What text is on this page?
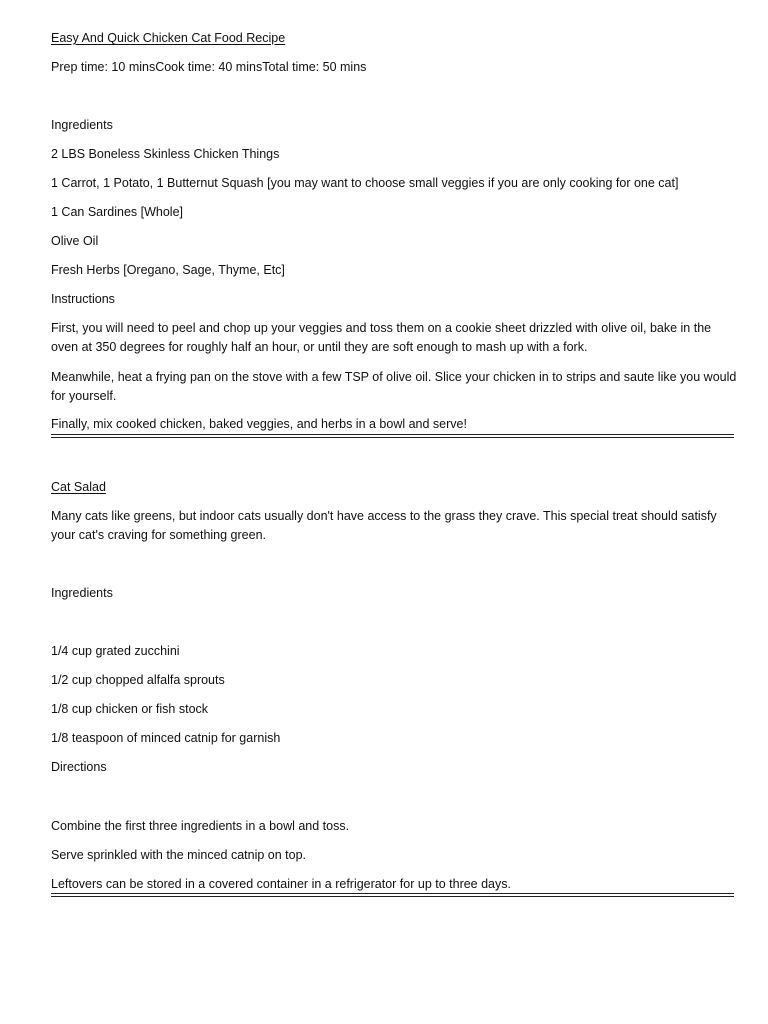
Easy And Quick Chicken Cat Food Recipe
Prep time: 10 minsCook time: 40 minsTotal time: 50 mins
Ingredients
2 LBS Boneless Skinless Chicken Things
1 Carrot, 1 Potato, 1 Butternut Squash [you may want to choose small veggies if you are only cooking for one cat]
1 Can Sardines [Whole]
Olive Oil
Fresh Herbs [Oregano, Sage, Thyme, Etc]
Instructions
First, you will need to peel and chop up your veggies and toss them on a cookie sheet drizzled with olive oil, bake in the oven at 350 degrees for roughly half an hour, or until they are soft enough to mash up with a fork.
Meanwhile, heat a frying pan on the stove with a few TSP of olive oil. Slice your chicken in to strips and saute like you would for yourself.
Finally, mix cooked chicken, baked veggies, and herbs in a bowl and serve!
Cat Salad
Many cats like greens, but indoor cats usually don't have access to the grass they crave. This special treat should satisfy your cat's craving for something green.
Ingredients
1/4 cup grated zucchini
1/2 cup chopped alfalfa sprouts
1/8 cup chicken or fish stock
1/8 teaspoon of minced catnip for garnish
Directions
Combine the first three ingredients in a bowl and toss.
Serve sprinkled with the minced catnip on top.
Leftovers can be stored in a covered container in a refrigerator for up to three days.
